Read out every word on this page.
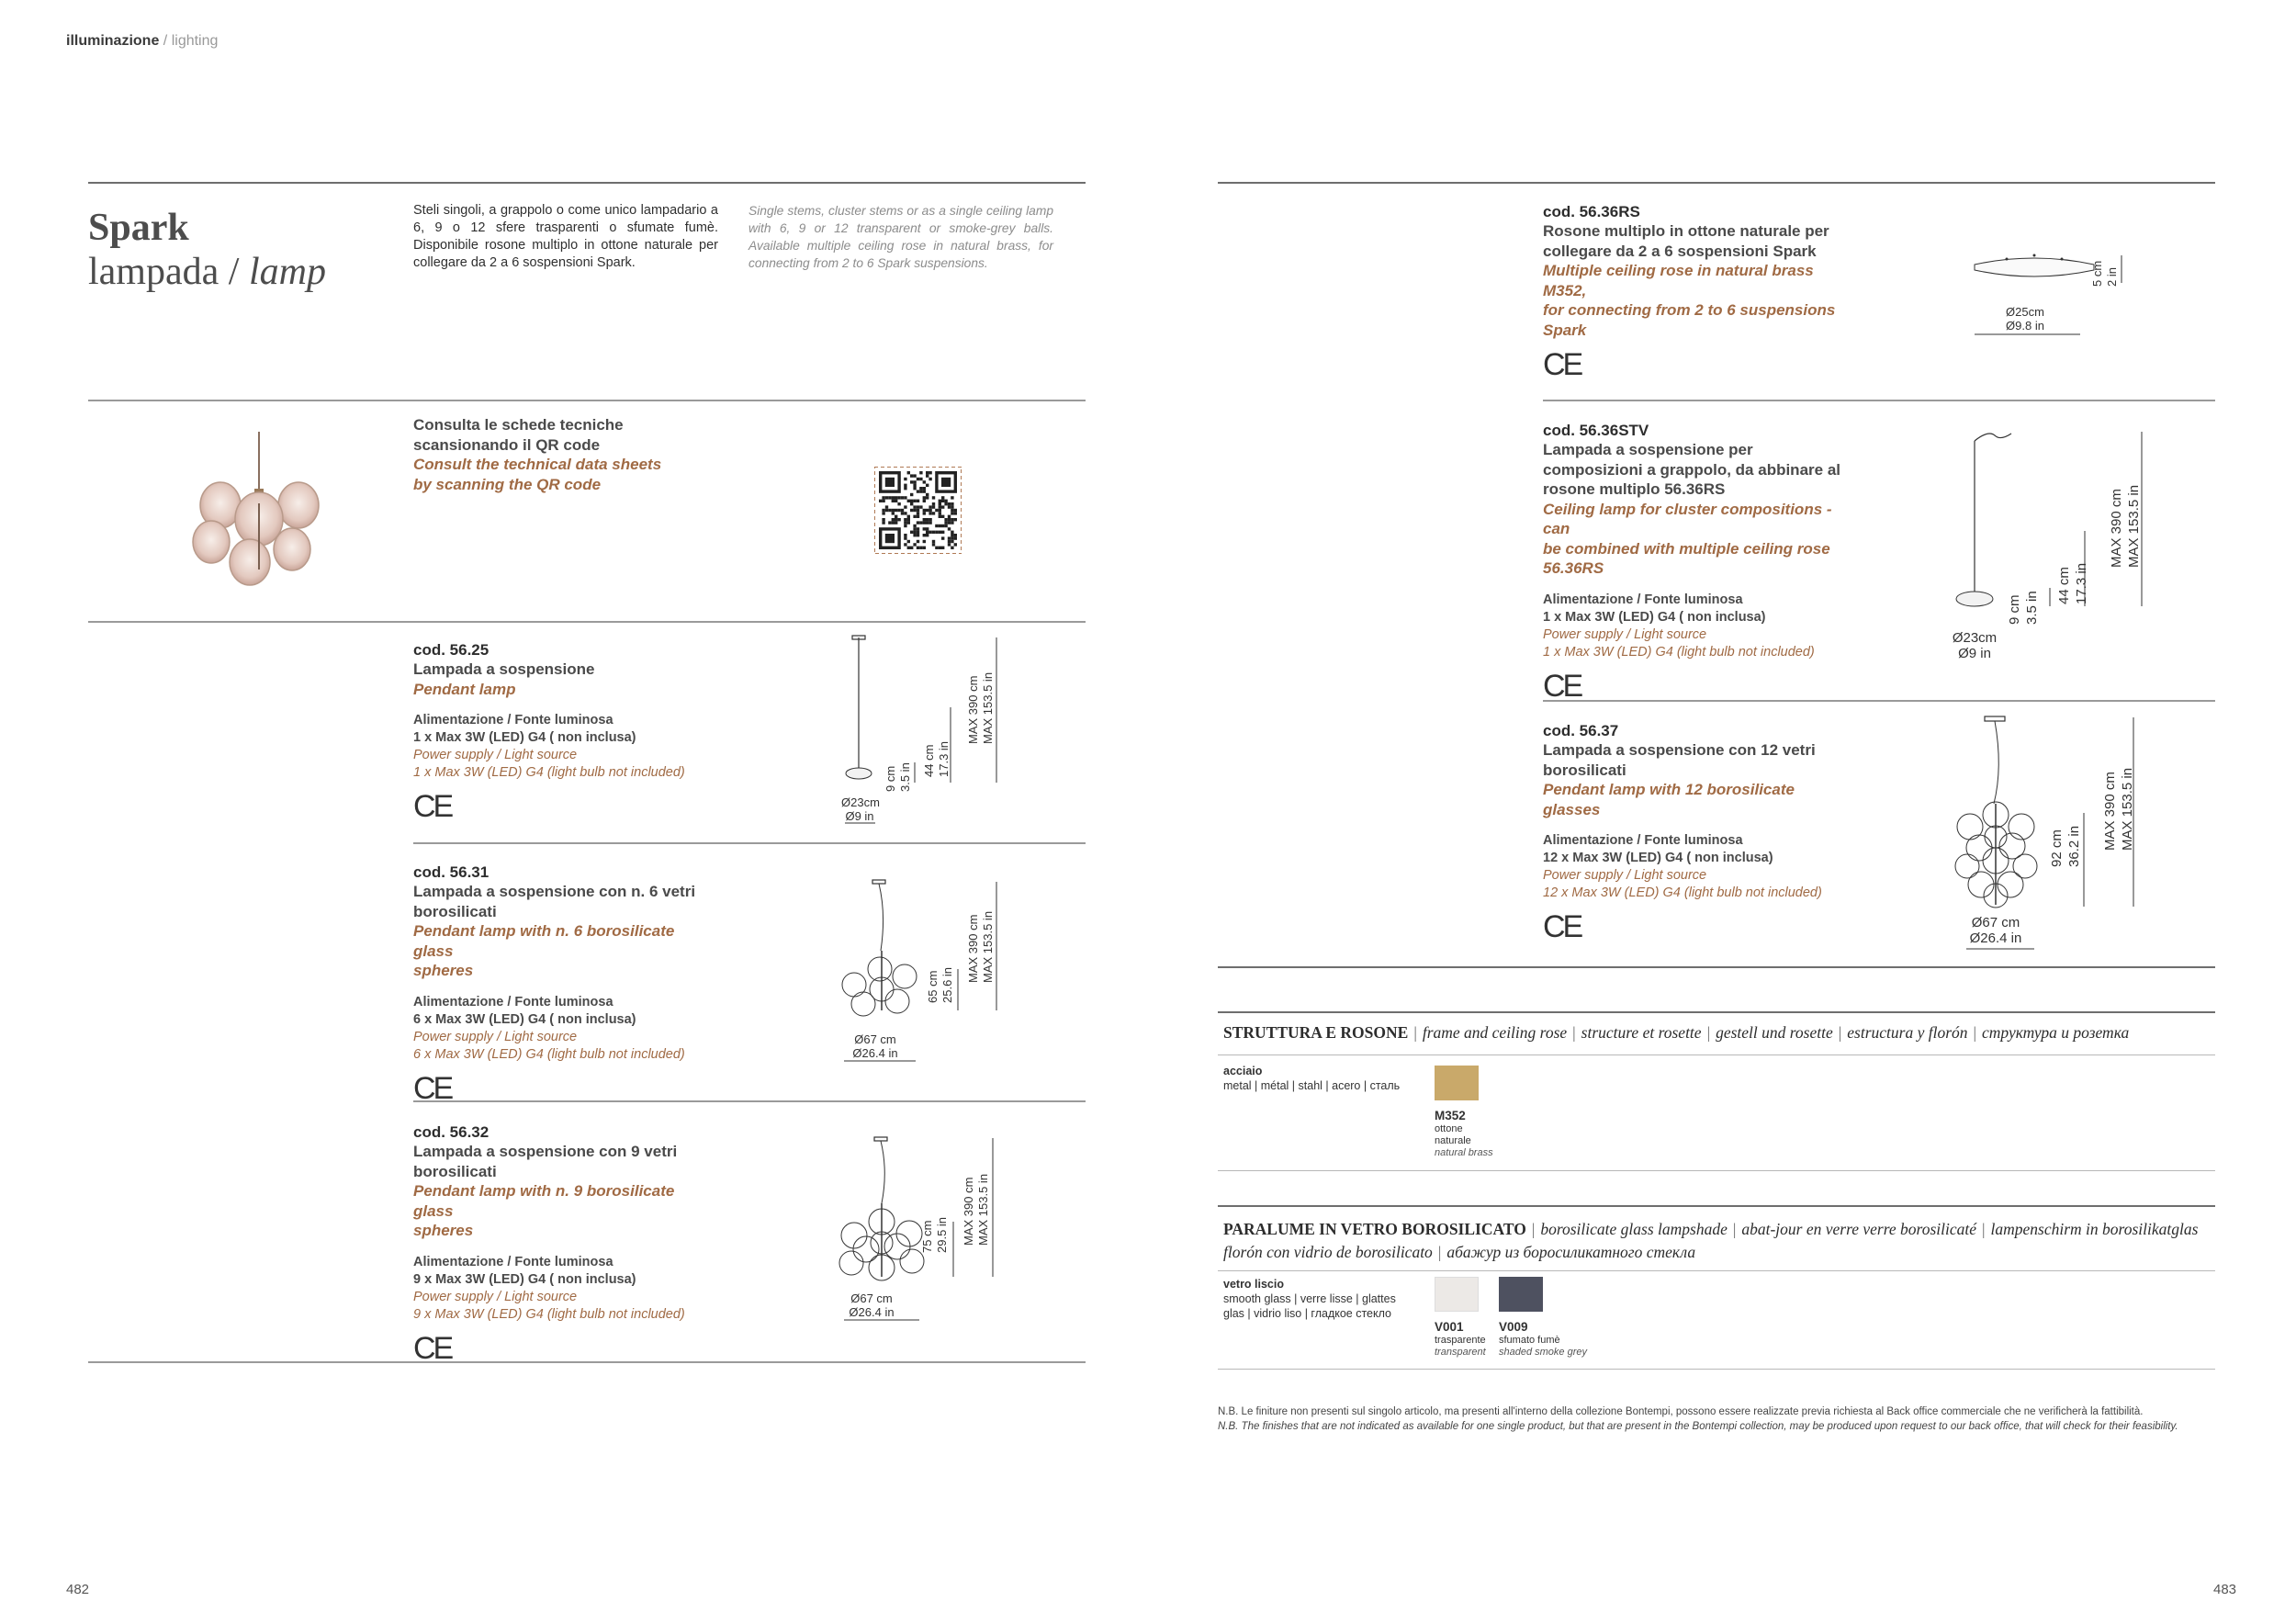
illuminazione / lighting
Spark
lampada / lamp
Steli singoli, a grappolo o come unico lampadario a 6, 9 o 12 sfere trasparenti o sfumate fumè. Disponibile rosone multiplo in ottone naturale per collegare da 2 a 6 sospensioni Spark.
Single stems, cluster stems or as a single ceiling lamp with 6, 9 or 12 transparent or smoke-grey balls. Available multiple ceiling rose in natural brass, for connecting from 2 to 6 Spark suspensions.
Consulta le schede tecniche
scansionando il QR code
Consult the technical data sheets
by scanning the QR code
cod. 56.25
Lampada a sospensione
Pendant lamp
Alimentazione / Fonte luminosa
1 x Max 3W (LED) G4 ( non inclusa)
Power supply / Light source
1 x Max 3W (LED) G4 (light bulb not included)
CE	Ø23cm
Ø9 in
9 cm 3.5 in
44 cm 17.3 in
MAX 390 cm MAX 153.5 in
cod. 56.31
Lampada a sospensione con n. 6 vetri
borosilicati
Pendant lamp with n. 6 borosilicate glass
spheres
Alimentazione / Fonte luminosa
6 x Max 3W (LED) G4 ( non inclusa)
Power supply / Light source
6 x Max 3W (LED) G4 (light bulb not included)
CE
Ø67 cm
Ø26.4 in
65 cm 25.6 in
MAX 390 cm MAX 153.5 in
cod. 56.32
Lampada a sospensione con 9 vetri
borosilicati
Pendant lamp with n. 9 borosilicate glass
spheres
Alimentazione / Fonte luminosa
9 x Max 3W (LED) G4 ( non inclusa)
Power supply / Light source
9 x Max 3W (LED) G4 (light bulb not included)
CE
Ø67 cm
Ø26.4 in
75 cm 29.5 in MAX 390 cm MAX 153.5 in
482
cod. 56.36RS
Rosone multiplo in ottone naturale per
collegare da 2 a 6 sospensioni Spark
Multiple ceiling rose in natural brass M352,
for connecting from 2 to 6 suspensions
Spark
CE
Ø25cm
Ø9.8 in
5 cm 2 in
cod. 56.36STV
Lampada a sospensione per
composizioni a grappolo, da abbinare al
rosone multiplo 56.36RS
Ceiling lamp for cluster compositions - can
be combined with multiple ceiling rose
56.36RS
Alimentazione / Fonte luminosa
1 x Max 3W (LED) G4 ( non inclusa)
Power supply / Light source
1 x Max 3W (LED) G4 (light bulb not included)
CE
Ø23cm
Ø9 in
9 cm 3.5 in
44 cm 17.3 in
MAX 390 cm MAX 153.5 in
cod. 56.37
Lampada a sospensione con 12 vetri
borosilicati
Pendant lamp with 12 borosilicate glasses
Alimentazione / Fonte luminosa
12 x Max 3W (LED) G4 ( non inclusa)
Power supply / Light source
12 x Max 3W (LED) G4 (light bulb not included)
CE	Ø67 cm
Ø26.4 in
92 cm 36.2 in MAX 390 cm MAX 153.5 in
STRUTTURA E ROSONE | frame and ceiling rose | structure et rosette | gestell und rosette | estructura y florón | структура и розетка
acciaio
metal | métal | stahl | acero | сталь
M352
ottone
naturale
natural brass
PARALUME IN VETRO BOROSILICATO | borosilicate glass lampshade | abat-jour en verre verre borosilicaté | lampenschirm in borosilikatglas
florón con vidrio de borosilicato | абажур из боросиликатного стекла
vetro liscio
smooth glass | verre lisse | glattes
glas | vidrio liso | гладкое стекло
V001
trasparente
transparent
V009
sfumato fumè
shaded smoke grey
N.B. Le finiture non presenti sul singolo articolo, ma presenti all'interno della collezione Bontempi, possono essere realizzate previa richiesta al Back office commerciale che ne verificherà la fattibilità.
N.B. The finishes that are not indicated as available for one single product, but that are present in the Bontempi collection, may be produced upon request to our back office, that will check for their feasibility.
483
